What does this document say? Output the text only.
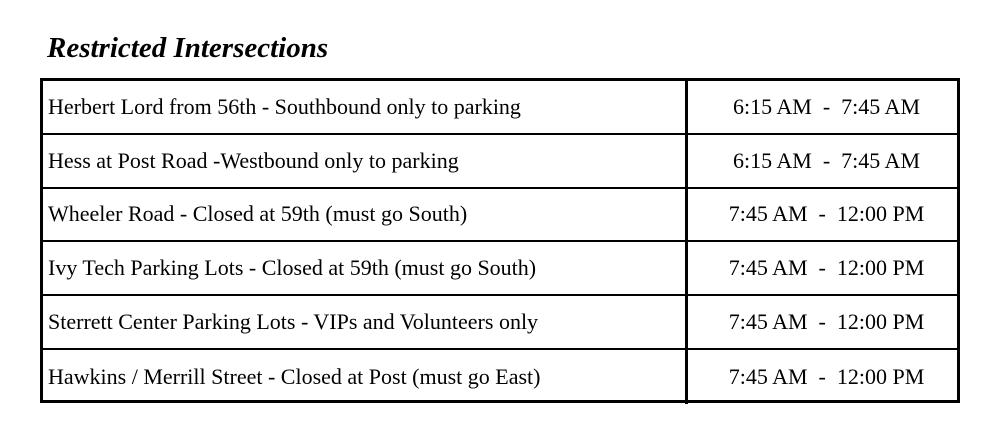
Restricted Intersections
Herbert Lord from 56th - Southbound only to parking	6:15 AM  -  7:45 AM
Hess at Post Road -Westbound only to parking	6:15 AM  -  7:45 AM
Wheeler Road - Closed at 59th (must go South)	7:45 AM  -  12:00 PM
Ivy Tech Parking Lots - Closed at 59th (must go South)	7:45 AM  -  12:00 PM
Sterrett Center Parking Lots - VIPs and Volunteers only	7:45 AM  -  12:00 PM
Hawkins / Merrill Street - Closed at Post (must go East)	7:45 AM  -  12:00 PM
